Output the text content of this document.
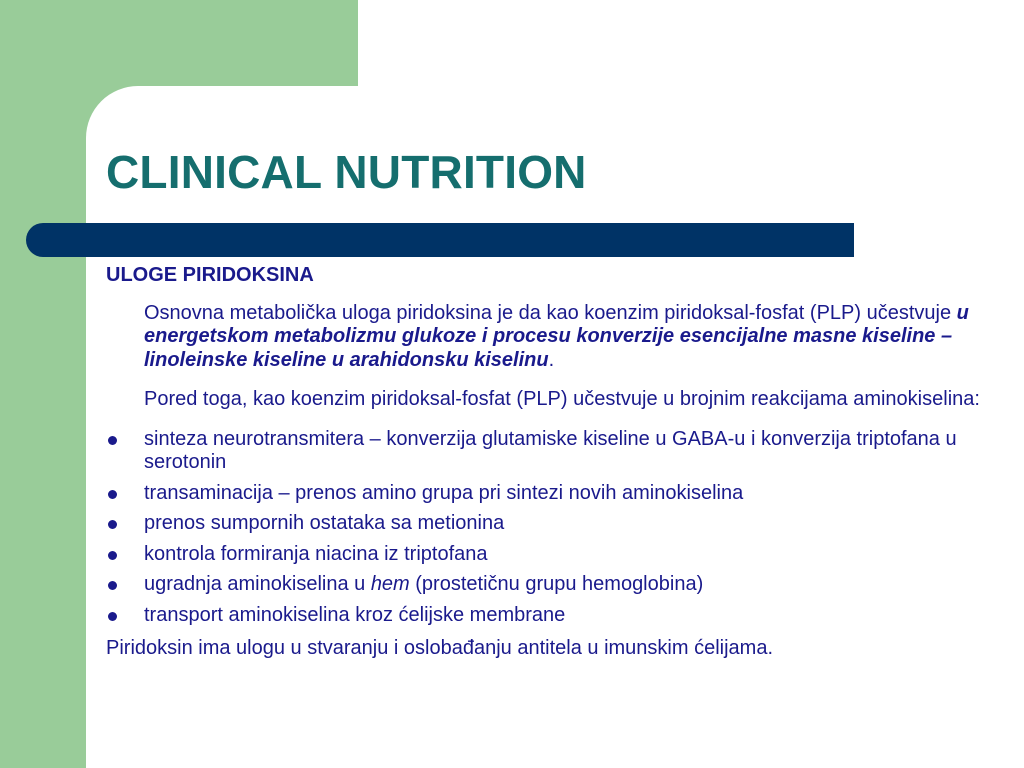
CLINICAL NUTRITION

ULOGE PIRIDOKSINA

Osnovna metabolička uloga piridoksina je da kao koenzim piridoksal-fosfat (PLP) učestvuje u energetskom metabolizmu glukoze i procesu konverzije esencijalne masne kiseline – linoleinske kiseline u arahidonsku kiselinu.

Pored toga, kao koenzim piridoksal-fosfat (PLP) učestvuje u brojnim reakcijama aminokiselina:

sinteza neurotransmitera – konverzija glutamiske kiseline u GABA-u i konverzija triptofana u serotonin
transaminacija – prenos amino grupa pri sintezi novih aminokiselina
prenos sumpornih ostataka sa metionina
kontrola formiranja niacina iz triptofana
ugradnja aminokiselina u hem (prostetičnu grupu hemoglobina)
transport aminokiselina kroz ćelijske membrane

Piridoksin ima ulogu u stvaranju i oslobađanju antitela u imunskim ćelijama.
